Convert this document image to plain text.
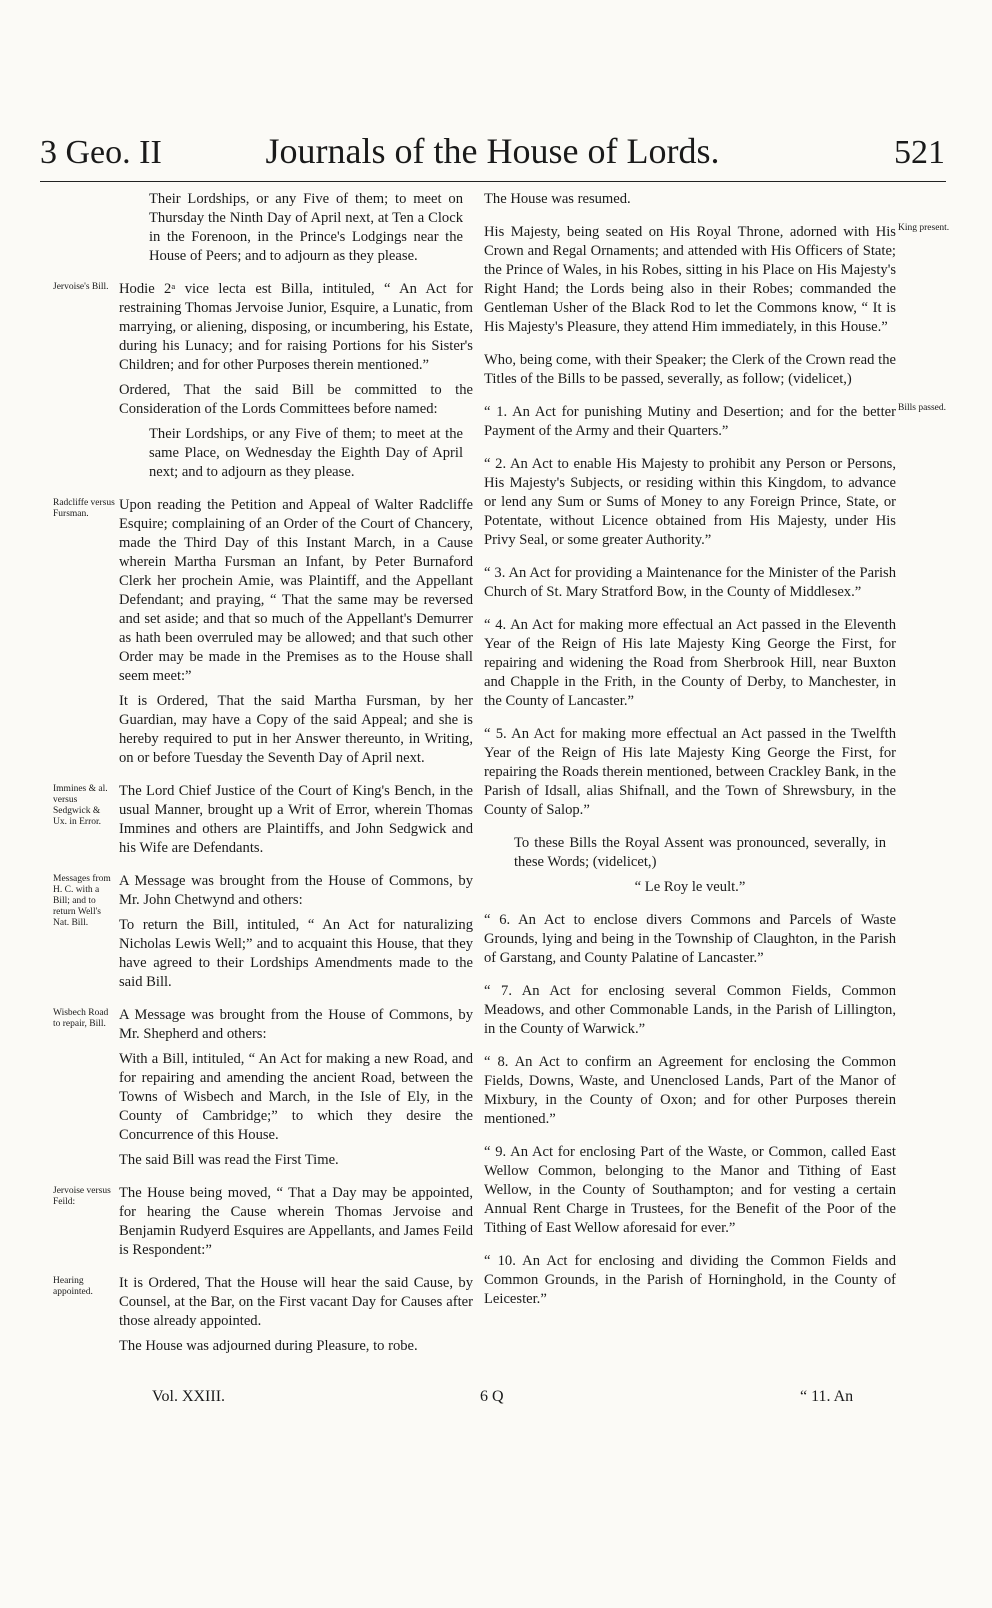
3 Geo. II	Journals of the House of Lords.	521

Their Lordships, or any Five of them; to meet on Thursday the Ninth Day of April next, at Ten a Clock in the Forenoon, in the Prince's Lodgings near the House of Peers; and to adjourn as they please.

Jervoise's Bill. Hodie 2ᵃ vice lecta est Billa, intituled, “ An Act for restraining Thomas Jervoise Junior, Esquire, a Lunatic, from marrying, or aliening, disposing, or incumbering, his Estate, during his Lunacy; and for raising Portions for his Sister's Children; and for other Purposes therein mentioned.”

Ordered, That the said Bill be committed to the Consideration of the Lords Committees before named:

Their Lordships, or any Five of them; to meet at the same Place, on Wednesday the Eighth Day of April next; and to adjourn as they please.

Radcliffe versus Fursman.

Upon reading the Petition and Appeal of Walter Radcliffe Esquire; complaining of an Order of the Court of Chancery, made the Third Day of this Instant March, in a Cause wherein Martha Fursman an Infant, by Peter Burnaford Clerk her prochein Amie, was Plaintiff, and the Appellant Defendant; and praying, “ That the same may be reversed and set aside; and that so much of the Appellant's Demurrer as hath been overruled may be allowed; and that such other Order may be made in the Premises as to the House shall seem meet:”

It is Ordered, That the said Martha Fursman, by her Guardian, may have a Copy of the said Appeal; and she is hereby required to put in her Answer thereunto, in Writing, on or before Tuesday the Seventh Day of April next.

Immines & al. versus Sedgwick & Ux. in Error.

The Lord Chief Justice of the Court of King's Bench, in the usual Manner, brought up a Writ of Error, wherein Thomas Immines and others are Plaintiffs, and John Sedgwick and his Wife are Defendants.

Messages from H. C. with a Bill; and to return Well's Nat. Bill.

A Message was brought from the House of Commons, by Mr. John Chetwynd and others:

To return the Bill, intituled, “ An Act for naturalizing Nicholas Lewis Well;” and to acquaint this House, that they have agreed to their Lordships Amendments made to the said Bill.

Wisbech Road to repair, Bill.

A Message was brought from the House of Commons, by Mr. Shepherd and others:

With a Bill, intituled, “ An Act for making a new Road, and for repairing and amending the ancient Road, between the Towns of Wisbech and March, in the Isle of Ely, in the County of Cambridge;” to which they desire the Concurrence of this House.

The said Bill was read the First Time.

Jervoise versus Feild:

The House being moved, “ That a Day may be appointed, for hearing the Cause wherein Thomas Jervoise and Benjamin Rudyerd Esquires are Appellants, and James Feild is Respondent:”

Hearing appointed.

It is Ordered, That the House will hear the said Cause, by Counsel, at the Bar, on the First vacant Day for Causes after those already appointed.

The House was adjourned during Pleasure, to robe.

The House was resumed.

King present.

His Majesty, being seated on His Royal Throne, adorned with His Crown and Regal Ornaments; and attended with His Officers of State; the Prince of Wales, in his Robes, sitting in his Place on His Majesty's Right Hand; the Lords being also in their Robes; commanded the Gentleman Usher of the Black Rod to let the Commons know, “ It is His Majesty's Pleasure, they attend Him immediately, in this House.”

Who, being come, with their Speaker; the Clerk of the Crown read the Titles of the Bills to be passed, severally, as follow; (videlicet,)

Bills passed.

“ 1. An Act for punishing Mutiny and Desertion; and for the better Payment of the Army and their Quarters.”

“ 2. An Act to enable His Majesty to prohibit any Person or Persons, His Majesty's Subjects, or residing within this Kingdom, to advance or lend any Sum or Sums of Money to any Foreign Prince, State, or Potentate, without Licence obtained from His Majesty, under His Privy Seal, or some greater Authority.”

“ 3. An Act for providing a Maintenance for the Minister of the Parish Church of St. Mary Stratford Bow, in the County of Middlesex.”

“ 4. An Act for making more effectual an Act passed in the Eleventh Year of the Reign of His late Majesty King George the First, for repairing and widening the Road from Sherbrook Hill, near Buxton and Chapple in the Frith, in the County of Derby, to Manchester, in the County of Lancaster.”

“ 5. An Act for making more effectual an Act passed in the Twelfth Year of the Reign of His late Majesty King George the First, for repairing the Roads therein mentioned, between Crackley Bank, in the Parish of Idsall, alias Shifnall, and the Town of Shrewsbury, in the County of Salop.”

To these Bills the Royal Assent was pronounced, severally, in these Words; (videlicet,)

“ Le Roy le veult.”

“ 6. An Act to enclose divers Commons and Parcels of Waste Grounds, lying and being in the Township of Claughton, in the Parish of Garstang, and County Palatine of Lancaster.”

“ 7. An Act for enclosing several Common Fields, Common Meadows, and other Commonable Lands, in the Parish of Lillington, in the County of Warwick.”

“ 8. An Act to confirm an Agreement for enclosing the Common Fields, Downs, Waste, and Unenclosed Lands, Part of the Manor of Mixbury, in the County of Oxon; and for other Purposes therein mentioned.”

“ 9. An Act for enclosing Part of the Waste, or Common, called East Wellow Common, belonging to the Manor and Tithing of East Wellow, in the County of Southampton; and for vesting a certain Annual Rent Charge in Trustees, for the Benefit of the Poor of the Tithing of East Wellow aforesaid for ever.”

“ 10. An Act for enclosing and dividing the Common Fields and Common Grounds, in the Parish of Horninghold, in the County of Leicester.”

Vol. XXIII.	6 Q	“ 11. An
